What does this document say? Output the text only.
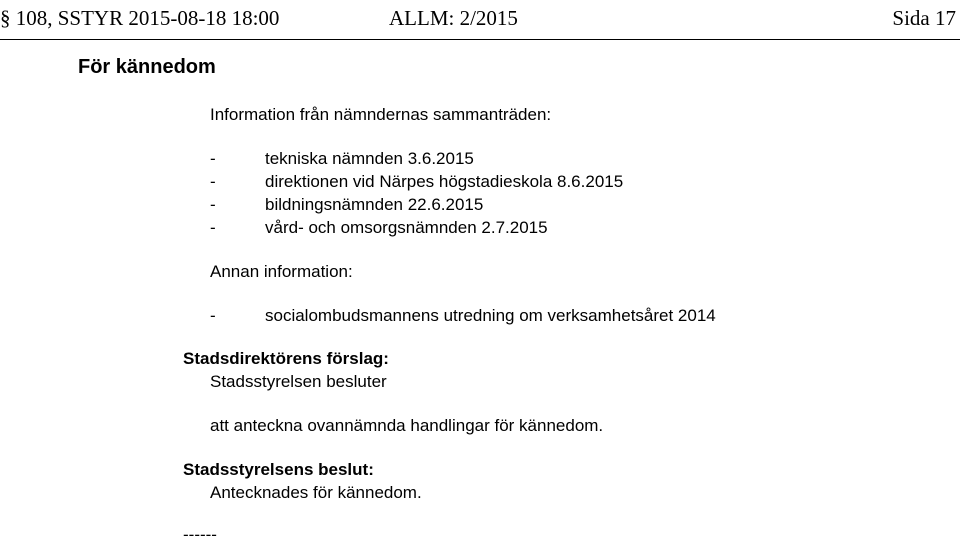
§ 108, SSTYR 2015-08-18 18:00	ALLM: 2/2015	Sida 17
För kännedom
Information från nämndernas sammanträden:
-	tekniska nämnden 3.6.2015
-	direktionen vid Närpes högstadieskola 8.6.2015
-	bildningsnämnden 22.6.2015
-	vård- och omsorgsnämnden 2.7.2015
Annan information:
-	socialombudsmannens utredning om verksamhetsåret 2014
Stadsdirektörens förslag:
Stadsstyrelsen besluter
att anteckna ovannämnda handlingar för kännedom.
Stadsstyrelsens beslut:
Antecknades för kännedom.
------
